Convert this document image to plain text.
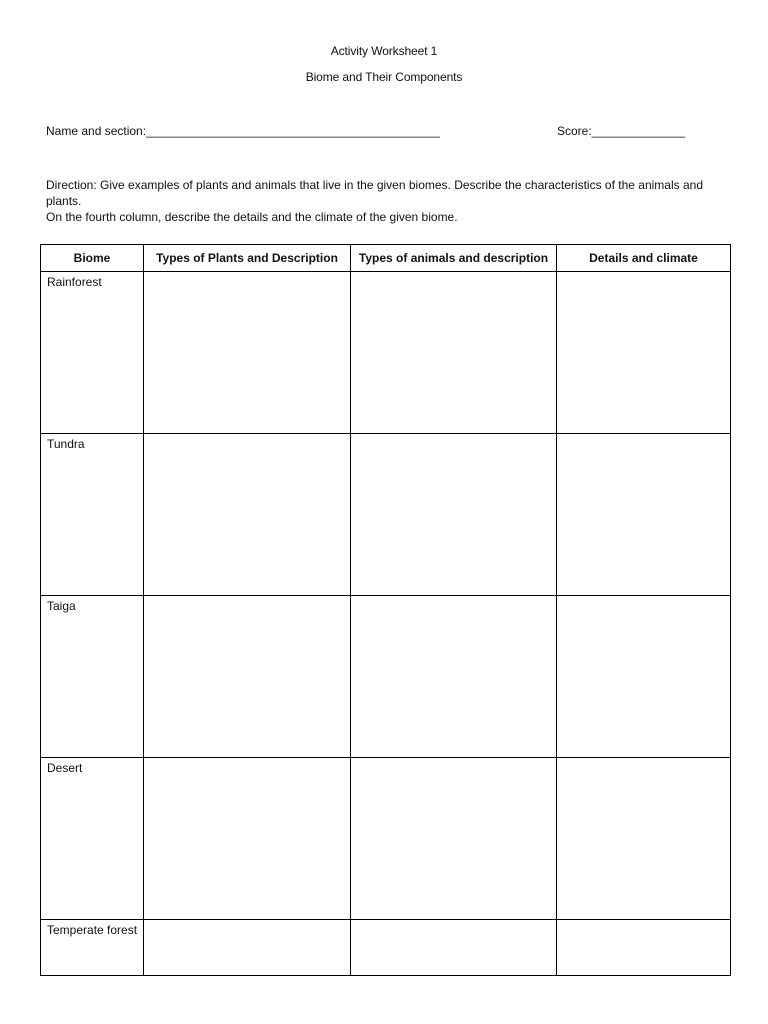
Activity Worksheet 1
Biome and Their Components
Name and section:____________________________________________	Score:______________
Direction: Give examples of plants and animals that live in the given biomes. Describe the characteristics of the animals and plants.
On the fourth column, describe the details and the climate of the given biome.
Biome	Types of Plants and Description	Types of animals and description	Details and climate
Rainforest			
Tundra			
Taiga			
Desert			
Temperate forest			
